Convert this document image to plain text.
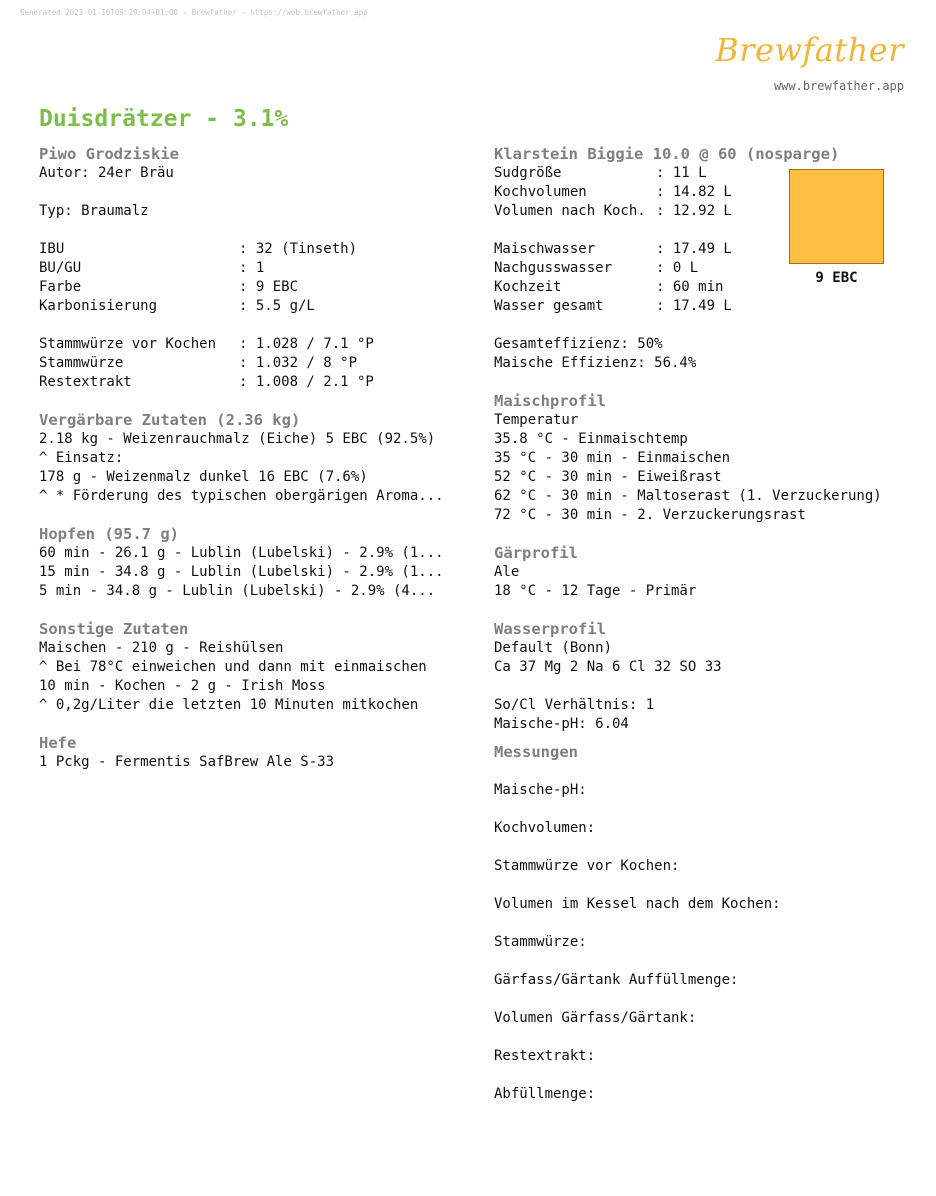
Generated 2023-01-16T09:29:04+01:00 - Brewfather - https://web.brewfather.app
Brewfather
www.brewfather.app
Duisdrätzer - 3.1%
Piwo Grodziskie
Autor: 24er Bräu
Typ: Braumalz
IBU	: 32 (Tinseth)
BU/GU	: 1
Farbe	: 9 EBC
Karbonisierung	: 5.5 g/L
Stammwürze vor Kochen	: 1.028 / 7.1 °P
Stammwürze	: 1.032 / 8 °P
Restextrakt	: 1.008 / 2.1 °P
Vergärbare Zutaten (2.36 kg)
2.18 kg - Weizenrauchmalz (Eiche) 5 EBC (92.5%)
^ Einsatz:
178 g - Weizenmalz dunkel 16 EBC (7.6%)
^ * Förderung des typischen obergärigen Aroma...
Hopfen (95.7 g)
60 min - 26.1 g - Lublin (Lubelski) - 2.9% (1...
15 min - 34.8 g - Lublin (Lubelski) - 2.9% (1...
5 min - 34.8 g - Lublin (Lubelski) - 2.9% (4...
Sonstige Zutaten
Maischen - 210 g - Reishülsen
^ Bei 78°C einweichen und dann mit einmaischen
10 min - Kochen - 2 g - Irish Moss
^ 0,2g/Liter die letzten 10 Minuten mitkochen
Hefe
1 Pckg - Fermentis SafBrew Ale S-33
Klarstein Biggie 10.0 @ 60 (nosparge)
Sudgröße	: 11 L
Kochvolumen	: 14.82 L
Volumen nach Koch. : 12.92 L
Maischwasser	: 17.49 L
Nachgusswasser	: 0 L
Kochzeit	: 60 min
Wasser gesamt	: 17.49 L
Gesamteffizienz: 50%
Maische Effizienz: 56.4%
Maischprofil
Temperatur
35.8 °C - Einmaischtemp
35 °C - 30 min - Einmaischen
52 °C - 30 min - Eiweißrast
62 °C - 30 min - Maltoserast (1. Verzuckerung)
72 °C - 30 min - 2. Verzuckerungsrast
Gärprofil
Ale
18 °C - 12 Tage - Primär
Wasserprofil
Default (Bonn)
Ca 37 Mg 2 Na 6 Cl 32 SO 33
So/Cl Verhältnis: 1
Maische-pH: 6.04
Messungen
Maische-pH:
Kochvolumen:
Stammwürze vor Kochen:
Volumen im Kessel nach dem Kochen:
Stammwürze:
Gärfass/Gärtank Auffüllmenge:
Volumen Gärfass/Gärtank:
Restextrakt:
Abfüllmenge:
9 EBC
